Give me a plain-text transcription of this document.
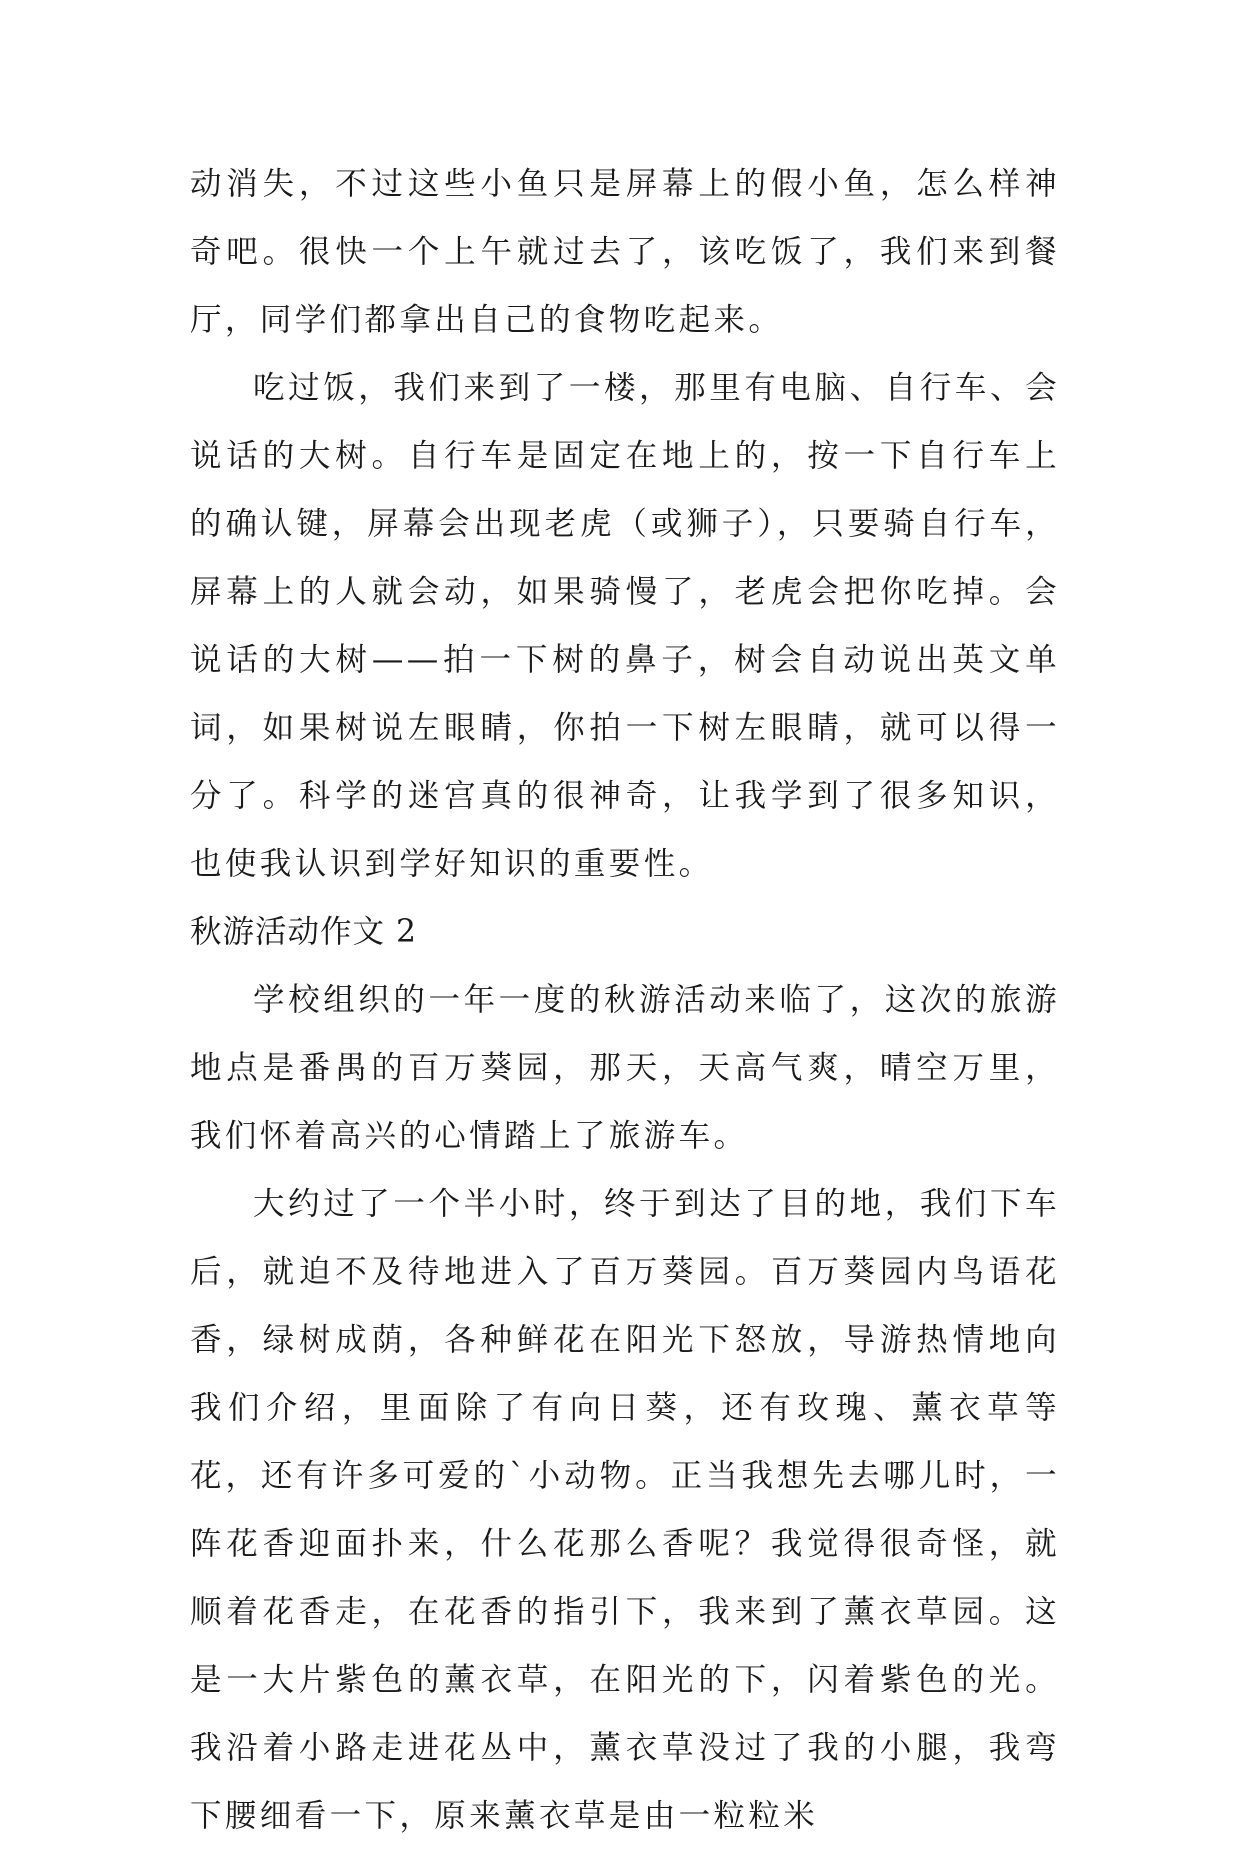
动消失，不过这些小鱼只是屏幕上的假小鱼，怎么样神奇吧。很快一个上午就过去了，该吃饭了，我们来到餐厅，同学们都拿出自己的食物吃起来。

吃过饭，我们来到了一楼，那里有电脑、自行车、会说话的大树。自行车是固定在地上的，按一下自行车上的确认键，屏幕会出现老虎（或狮子），只要骑自行车，屏幕上的人就会动，如果骑慢了，老虎会把你吃掉。会说话的大树——拍一下树的鼻子，树会自动说出英文单词，如果树说左眼睛，你拍一下树左眼睛，就可以得一分了。科学的迷宫真的很神奇，让我学到了很多知识，也使我认识到学好知识的重要性。

秋游活动作文 2

学校组织的一年一度的秋游活动来临了，这次的旅游地点是番禺的百万葵园，那天，天高气爽，晴空万里，我们怀着高兴的心情踏上了旅游车。

大约过了一个半小时，终于到达了目的地，我们下车后，就迫不及待地进入了百万葵园。百万葵园内鸟语花香，绿树成荫，各种鲜花在阳光下怒放，导游热情地向我们介绍，里面除了有向日葵，还有玫瑰、薰衣草等花，还有许多可爱的`小动物。正当我想先去哪儿时，一阵花香迎面扑来，什么花那么香呢？我觉得很奇怪，就顺着花香走，在花香的指引下，我来到了薰衣草园。这是一大片紫色的薰衣草，在阳光的下，闪着紫色的光。我沿着小路走进花丛中，薰衣草没过了我的小腿，我弯下腰细看一下，原来薰衣草是由一粒粒米
